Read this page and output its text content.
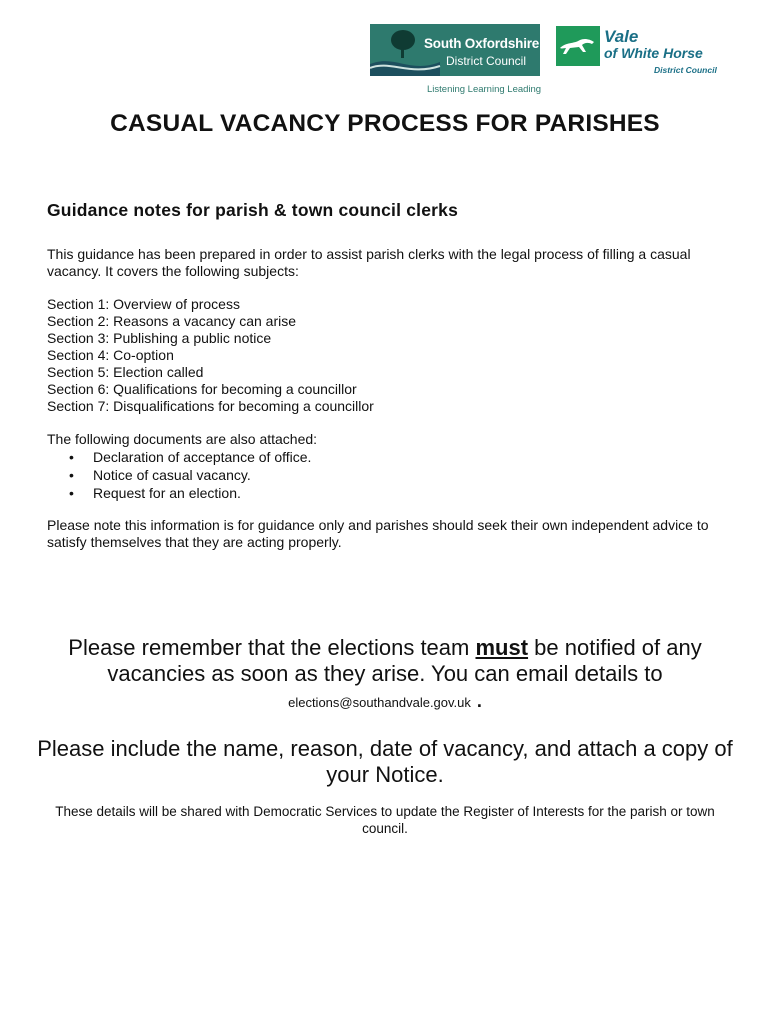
South Oxfordshire
District Council
Listening Learning Leading
Vale
of White Horse
District Council
CASUAL VACANCY PROCESS FOR PARISHES
Guidance notes for parish & town council clerks

This guidance has been prepared in order to assist parish clerks with the legal process of filling a casual vacancy. It covers the following subjects:

Section 1: Overview of process
Section 2: Reasons a vacancy can arise
Section 3: Publishing a public notice
Section 4: Co-option
Section 5: Election called
Section 6: Qualifications for becoming a councillor
Section 7: Disqualifications for becoming a councillor

The following documents are also attached:

• Declaration of acceptance of office.
• Notice of casual vacancy.
• Request for an election.

Please note this information is for guidance only and parishes should seek their own independent advice to satisfy themselves that they are acting properly.

Please remember that the elections team must be notified of any vacancies as soon as they arise. You can email details to

elections@southandvale.gov.uk .

Please include the name, reason, date of vacancy, and attach a copy of your Notice.

These details will be shared with Democratic Services to update the Register of Interests for the parish or town council.
